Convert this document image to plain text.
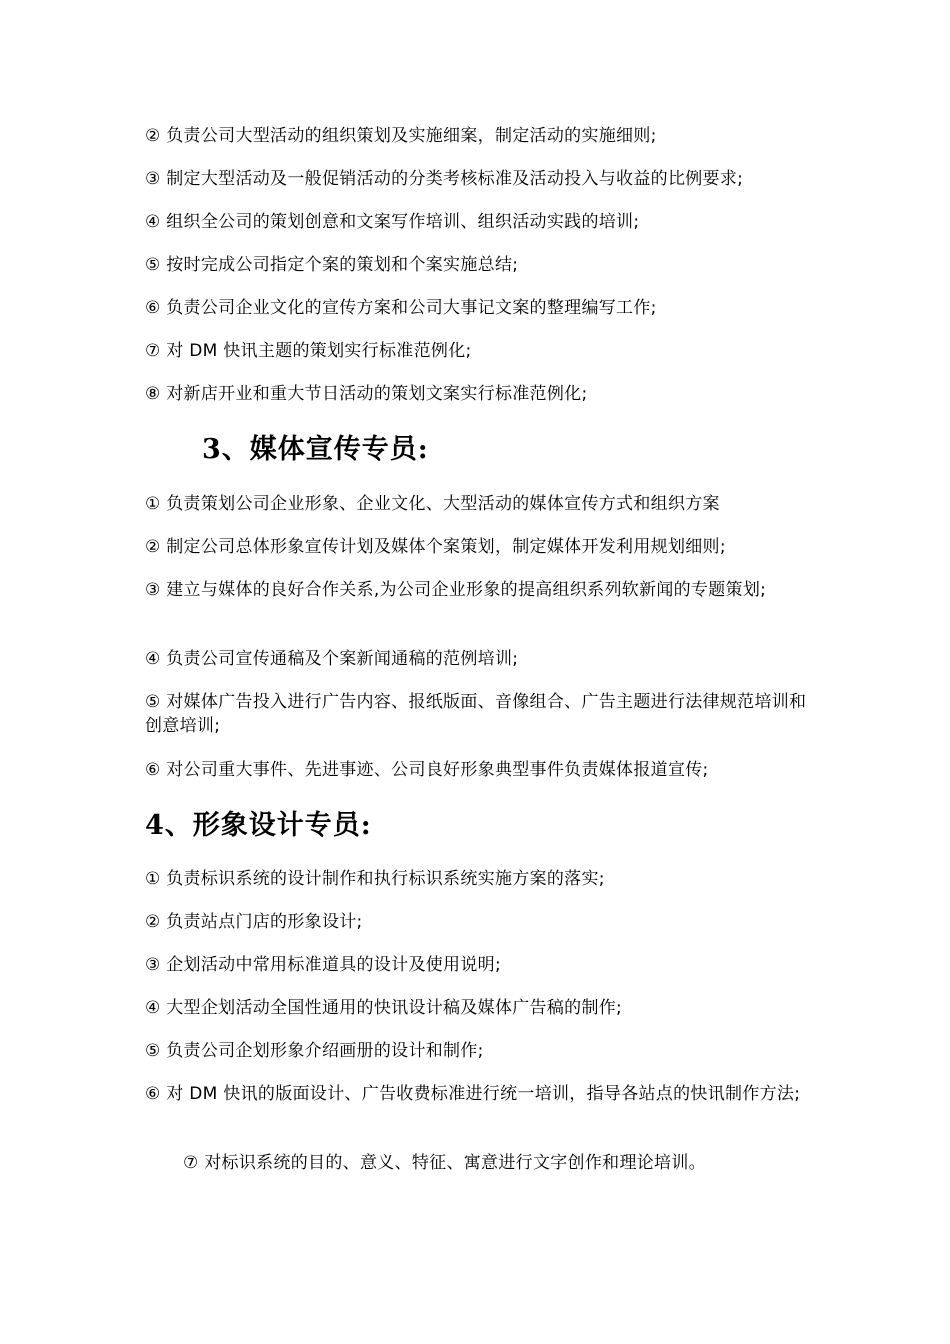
② 负责公司大型活动的组织策划及实施细案，制定活动的实施细则;
③ 制定大型活动及一般促销活动的分类考核标准及活动投入与收益的比例要求;
④ 组织全公司的策划创意和文案写作培训、组织活动实践的培训;
⑤ 按时完成公司指定个案的策划和个案实施总结;
⑥ 负责公司企业文化的宣传方案和公司大事记文案的整理编写工作;
⑦ 对 DM 快讯主题的策划实行标准范例化;
⑧ 对新店开业和重大节日活动的策划文案实行标准范例化;
3、媒体宣传专员:
① 负责策划公司企业形象、企业文化、大型活动的媒体宣传方式和组织方案
② 制定公司总体形象宣传计划及媒体个案策划，制定媒体开发利用规划细则;
③ 建立与媒体的良好合作关系,为公司企业形象的提高组织系列软新闻的专题策划;
④ 负责公司宣传通稿及个案新闻通稿的范例培训;
⑤ 对媒体广告投入进行广告内容、报纸版面、音像组合、广告主题进行法律规范培训和创意培训;
⑥ 对公司重大事件、先进事迹、公司良好形象典型事件负责媒体报道宣传;
4、形象设计专员:
① 负责标识系统的设计制作和执行标识系统实施方案的落实;
② 负责站点门店的形象设计;
③ 企划活动中常用标准道具的设计及使用说明;
④ 大型企划活动全国性通用的快讯设计稿及媒体广告稿的制作;
⑤ 负责公司企划形象介绍画册的设计和制作;
⑥ 对 DM 快讯的版面设计、广告收费标准进行统一培训，指导各站点的快讯制作方法;
⑦ 对标识系统的目的、意义、特征、寓意进行文字创作和理论培训。
